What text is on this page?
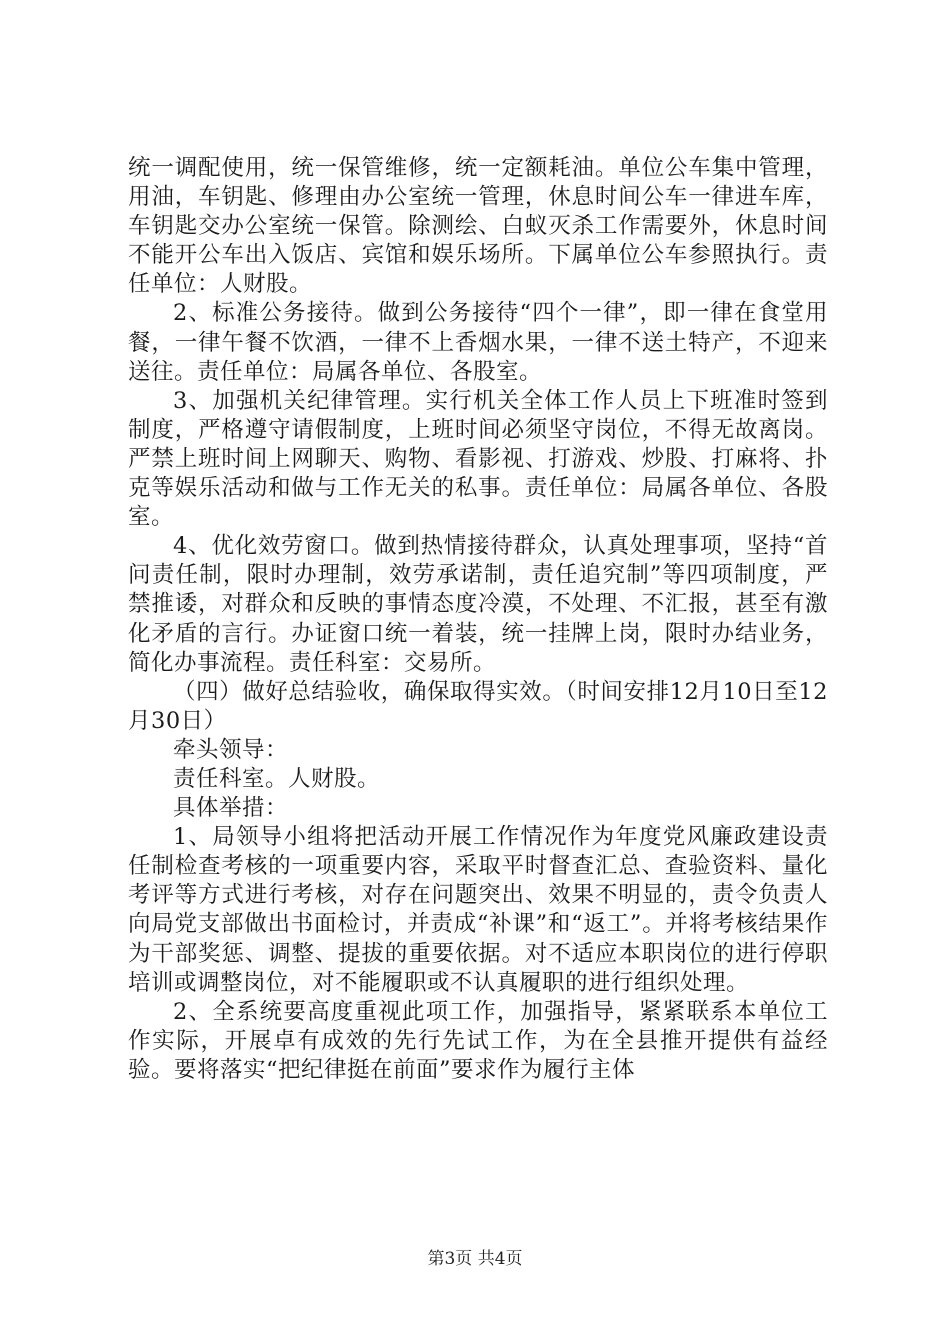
统一调配使用，统一保管维修，统一定额耗油。单位公车集中管理，用油，车钥匙、修理由办公室统一管理，休息时间公车一律进车库，车钥匙交办公室统一保管。除测绘、白蚁灭杀工作需要外，休息时间不能开公车出入饭店、宾馆和娱乐场所。下属单位公车参照执行。责任单位：人财股。

2、标准公务接待。做到公务接待“四个一律”，即一律在食堂用餐，一律午餐不饮酒，一律不上香烟水果，一律不送土特产，不迎来送往。责任单位：局属各单位、各股室。

3、加强机关纪律管理。实行机关全体工作人员上下班准时签到制度，严格遵守请假制度，上班时间必须坚守岗位，不得无故离岗。严禁上班时间上网聊天、购物、看影视、打游戏、炒股、打麻将、扑克等娱乐活动和做与工作无关的私事。责任单位：局属各单位、各股室。

4、优化效劳窗口。做到热情接待群众，认真处理事项，坚持“首问责任制，限时办理制，效劳承诺制，责任追究制”等四项制度，严禁推诿，对群众和反映的事情态度冷漠，不处理、不汇报，甚至有激化矛盾的言行。办证窗口统一着装，统一挂牌上岗，限时办结业务，简化办事流程。责任科室：交易所。

（四）做好总结验收，确保取得实效。（时间安排12月10日至12月30日）

牵头领导：

责任科室。人财股。

具体举措：

1、局领导小组将把活动开展工作情况作为年度党风廉政建设责任制检查考核的一项重要内容，采取平时督查汇总、查验资料、量化考评等方式进行考核，对存在问题突出、效果不明显的，责令负责人向局党支部做出书面检讨，并责成“补课”和“返工”。并将考核结果作为干部奖惩、调整、提拔的重要依据。对不适应本职岗位的进行停职培训或调整岗位，对不能履职或不认真履职的进行组织处理。

2、全系统要高度重视此项工作，加强指导，紧紧联系本单位工作实际，开展卓有成效的先行先试工作，为在全县推开提供有益经验。要将落实“把纪律挺在前面”要求作为履行主体

第3页 共4页
